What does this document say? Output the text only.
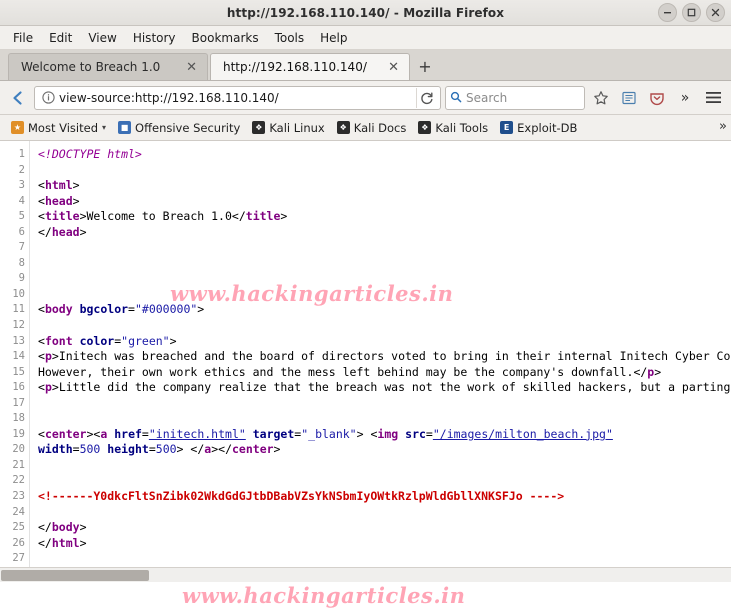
http://192.168.110.140/ - Mozilla Firefox
File	Edit	View	History	Bookmarks	Tools	Help
Welcome to Breach 1.0	✕ http://192.168.110.140/	✕	+
view-source:http://192.168.110.140/	Search	»
★ Most Visited ▾	■ Offensive Security	❖ Kali Linux	❖ Kali Docs	❖ Kali Tools	E Exploit-DB	»
1
2
3
4
5
6
7
8
9
10
11
12
13
14
15
16
17
18
19
20
21
22
23
24
25
26
27
<!DOCTYPE html>

<html>
<head>
<title>Welcome to Breach 1.0</title>
</head>

<body bgcolor="#000000">

<font color="green">
<p>Initech was breached and the board of directors voted to bring in their internal Initech Cyber Co
However, their own work ethics and the mess left behind may be the company's downfall.</p>
<p>Little did the company realize that the breach was not the work of skilled hackers, but a parting

<center><a href="initech.html" target="_blank"> <img src="/images/milton_beach.jpg"
width=500 height=500> </a></center>

<!------Y0dkcFltSnZibk02WkdGdGJtbDBabVZsYkNSbmIyOWtkRzlpWldGbllXNKSFJo ---->

</body>
</html>

www.hackingarticles.in
www.hackingarticles.in
